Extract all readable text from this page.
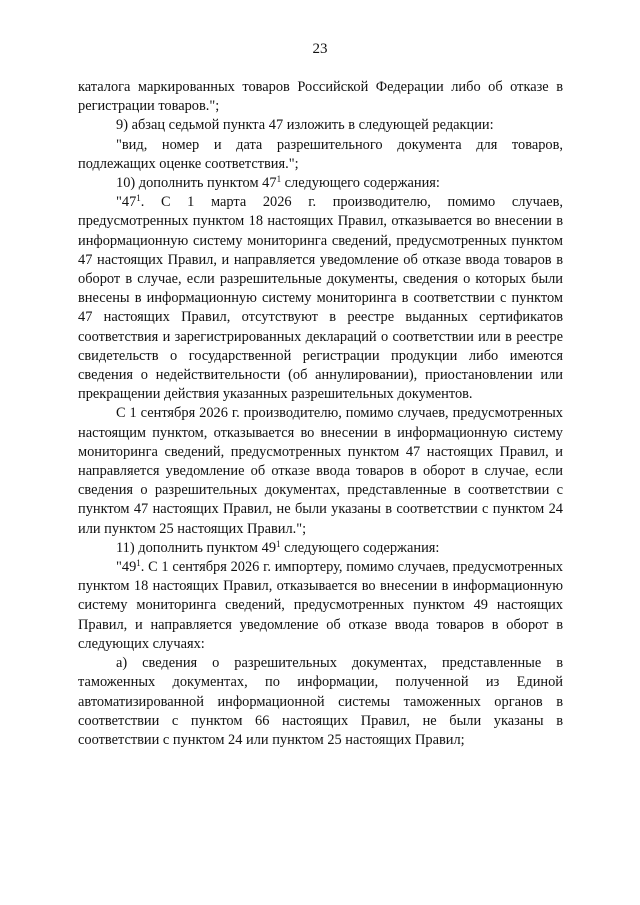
23

каталога маркированных товаров Российской Федерации либо об отказе в регистрации товаров.";

9) абзац седьмой пункта 47 изложить в следующей редакции:

"вид, номер и дата разрешительного документа для товаров, подлежащих оценке соответствия.";

10) дополнить пунктом $47^1$ следующего содержания:

"$47^1$. С 1 марта 2026 г. производителю, помимо случаев, предусмотренных пунктом 18 настоящих Правил, отказывается во внесении в информационную систему мониторинга сведений, предусмотренных пунктом 47 настоящих Правил, и направляется уведомление об отказе ввода товаров в оборот в случае, если разрешительные документы, сведения о которых были внесены в информационную систему мониторинга в соответствии с пунктом 47 настоящих Правил, отсутствуют в реестре выданных сертификатов соответствия и зарегистрированных деклараций о соответствии или в реестре свидетельств о государственной регистрации продукции либо имеются сведения о недействительности (об аннулировании), приостановлении или прекращении действия указанных разрешительных документов.

С 1 сентября 2026 г. производителю, помимо случаев, предусмотренных настоящим пунктом, отказывается во внесении в информационную систему мониторинга сведений, предусмотренных пунктом 47 настоящих Правил, и направляется уведомление об отказе ввода товаров в оборот в случае, если сведения о разрешительных документах, представленные в соответствии с пунктом 47 настоящих Правил, не были указаны в соответствии с пунктом 24 или пунктом 25 настоящих Правил.";

11) дополнить пунктом $49^1$ следующего содержания:

"$49^1$. С 1 сентября 2026 г. импортеру, помимо случаев, предусмотренных пунктом 18 настоящих Правил, отказывается во внесении в информационную систему мониторинга сведений, предусмотренных пунктом 49 настоящих Правил, и направляется уведомление об отказе ввода товаров в оборот в следующих случаях:

а) сведения о разрешительных документах, представленные в таможенных документах, по информации, полученной из Единой автоматизированной информационной системы таможенных органов в соответствии с пунктом 66 настоящих Правил, не были указаны в соответствии с пунктом 24 или пунктом 25 настоящих Правил;
